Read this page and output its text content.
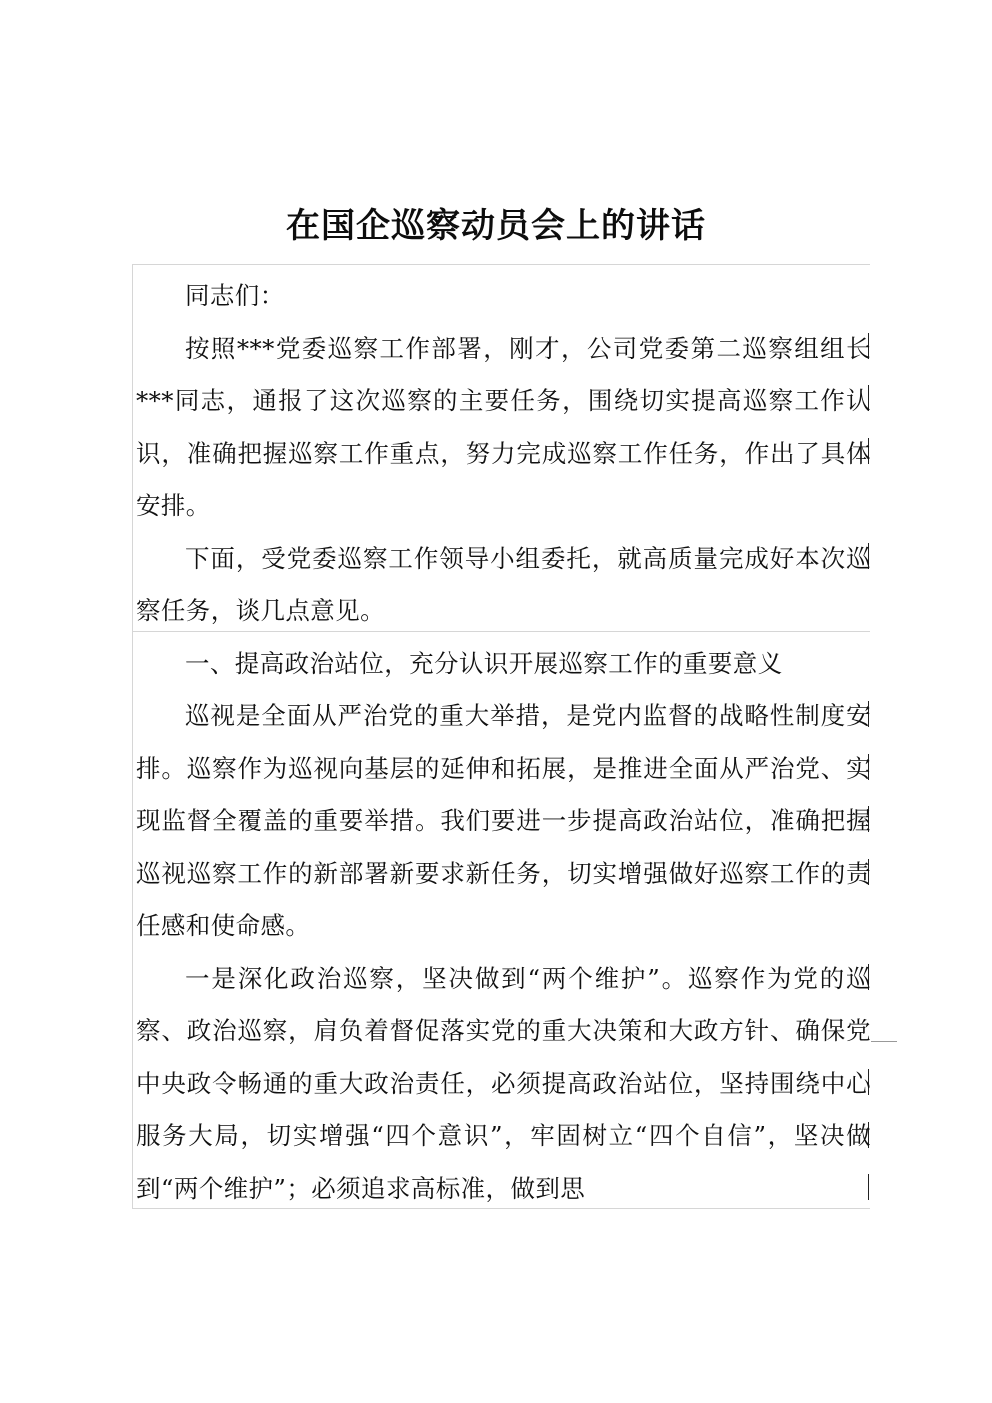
在国企巡察动员会上的讲话

同志们：

按照***党委巡察工作部署，刚才，公司党委第二巡察组组长***同志，通报了这次巡察的主要任务，围绕切实提高巡察工作认识，准确把握巡察工作重点，努力完成巡察工作任务，作出了具体安排。

下面，受党委巡察工作领导小组委托，就高质量完成好本次巡察任务，谈几点意见。

一、提高政治站位，充分认识开展巡察工作的重要意义

巡视是全面从严治党的重大举措，是党内监督的战略性制度安排。巡察作为巡视向基层的延伸和拓展，是推进全面从严治党、实现监督全覆盖的重要举措。我们要进一步提高政治站位，准确把握巡视巡察工作的新部署新要求新任务，切实增强做好巡察工作的责任感和使命感。

一是深化政治巡察，坚决做到“两个维护”。巡察作为党的巡察、政治巡察，肩负着督促落实党的重大决策和大政方针、确保党中央政令畅通的重大政治责任，必须提高政治站位，坚持围绕中心服务大局，切实增强“四个意识”，牢固树立“四个自信”，坚决做到“两个维护”；必须追求高标准，做到思
